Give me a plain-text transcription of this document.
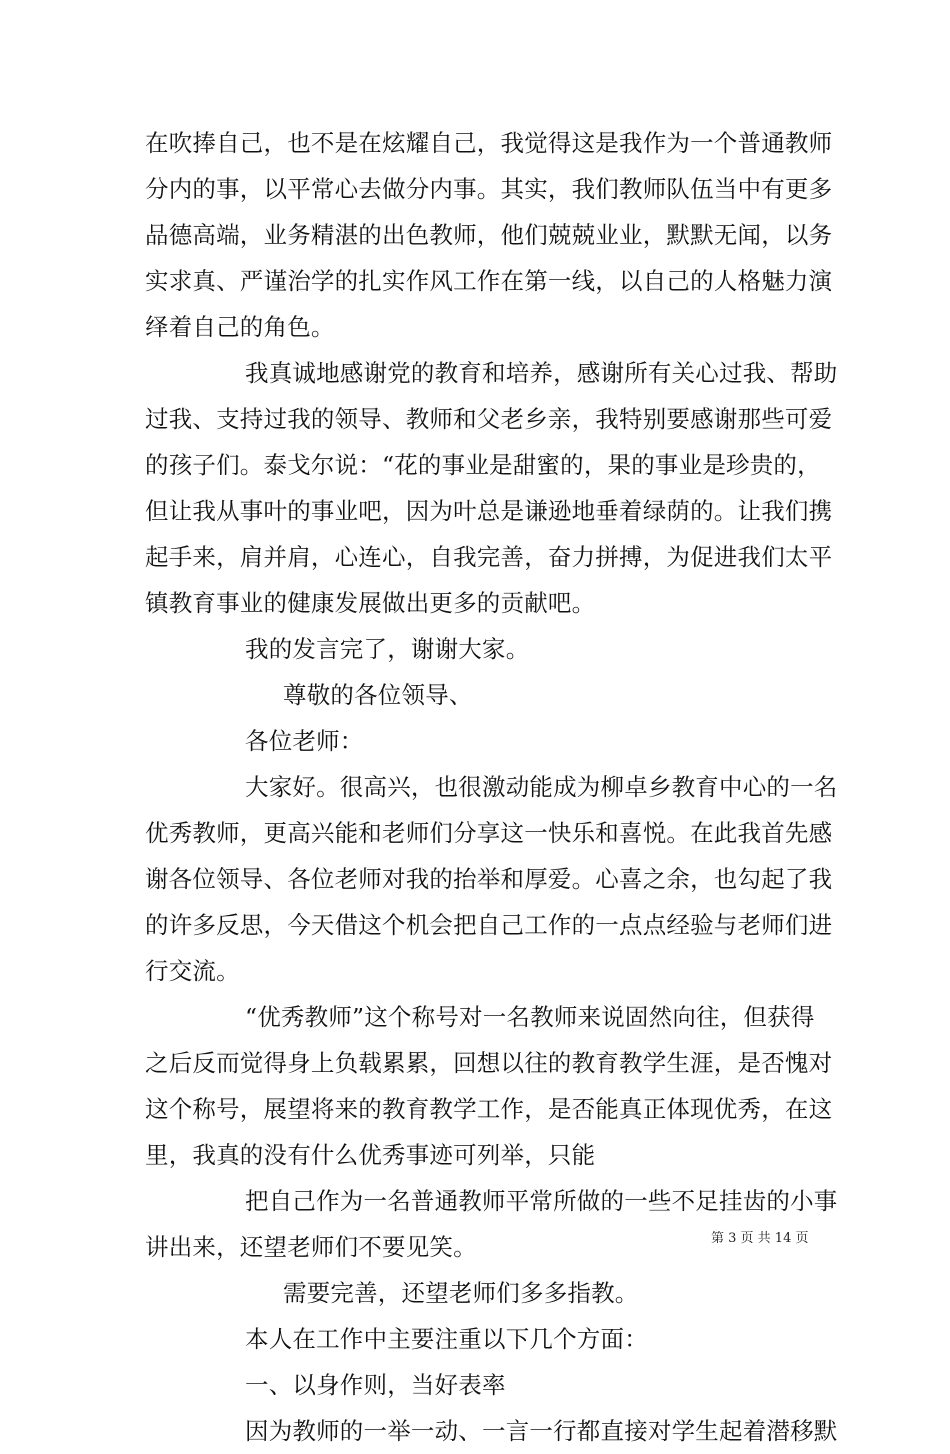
在吹捧自己，也不是在炫耀自己，我觉得这是我作为一个普通教师
分内的事，以平常心去做分内事。其实，我们教师队伍当中有更多
品德高端，业务精湛的出色教师，他们兢兢业业，默默无闻，以务
实求真、严谨治学的扎实作风工作在第一线，以自己的人格魅力演
绎着自己的角色。
我真诚地感谢党的教育和培养，感谢所有关心过我、帮助
过我、支持过我的领导、教师和父老乡亲，我特别要感谢那些可爱
的孩子们。泰戈尔说：“花的事业是甜蜜的，果的事业是珍贵的，
但让我从事叶的事业吧，因为叶总是谦逊地垂着绿荫的。让我们携
起手来，肩并肩，心连心，自我完善，奋力拼搏，为促进我们太平
镇教育事业的健康发展做出更多的贡献吧。
我的发言完了，谢谢大家。
尊敬的各位领导、
各位老师：
大家好。很高兴，也很激动能成为柳卓乡教育中心的一名
优秀教师，更高兴能和老师们分享这一快乐和喜悦。在此我首先感
谢各位领导、各位老师对我的抬举和厚爱。心喜之余，也勾起了我
的许多反思，今天借这个机会把自己工作的一点点经验与老师们进
行交流。
“优秀教师”这个称号对一名教师来说固然向往，但获得
之后反而觉得身上负载累累，回想以往的教育教学生涯，是否愧对
这个称号，展望将来的教育教学工作，是否能真正体现优秀，在这
里，我真的没有什么优秀事迹可列举，只能
把自己作为一名普通教师平常所做的一些不足挂齿的小事
讲出来，还望老师们不要见笑。
需要完善，还望老师们多多指教。
本人在工作中主要注重以下几个方面：
一、以身作则，当好表率
因为教师的一举一动、一言一行都直接对学生起着潜移默
第 3 页 共 14 页
